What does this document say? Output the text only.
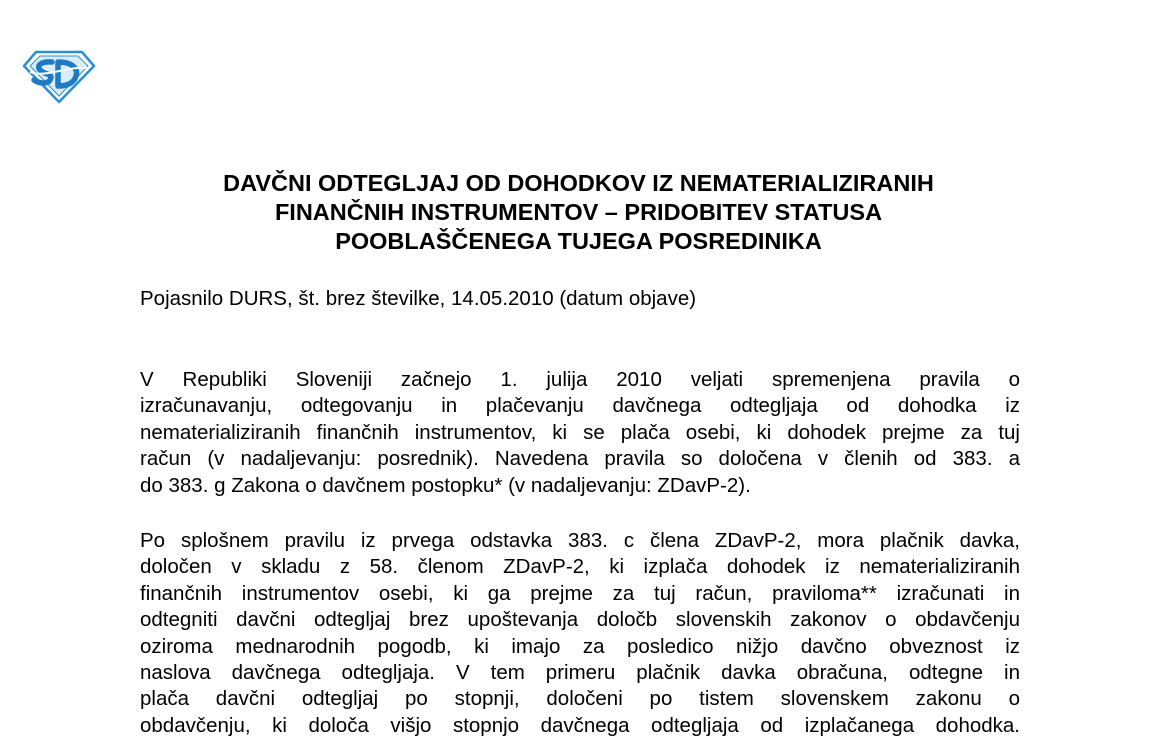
DAVČNI ODTEGLJAJ OD DOHODKOV IZ NEMATERIALIZIRANIH
FINANČNIH INSTRUMENTOV – PRIDOBITEV STATUSA
POOBLAŠČENEGA TUJEGA POSREDINIKA

Pojasnilo DURS, št. brez številke, 14.05.2010 (datum objave)

V Republiki Sloveniji začnejo 1. julija 2010 veljati spremenjena pravila o
izračunavanju, odtegovanju in plačevanju davčnega odtegljaja od dohodka iz
nematerializiranih finančnih instrumentov, ki se plača osebi, ki dohodek prejme za tuj
račun (v nadaljevanju: posrednik). Navedena pravila so določena v členih od 383. a
do 383. g Zakona o davčnem postopku* (v nadaljevanju: ZDavP-2).
Po splošnem pravilu iz prvega odstavka 383. c člena ZDavP-2, mora plačnik davka,
določen v skladu z 58. členom ZDavP-2, ki izplača dohodek iz nematerializiranih
finančnih instrumentov osebi, ki ga prejme za tuj račun, praviloma** izračunati in
odtegniti davčni odtegljaj brez upoštevanja določb slovenskih zakonov o obdavčenju
oziroma mednarodnih pogodb, ki imajo za posledico nižjo davčno obveznost iz
naslova davčnega odtegljaja. V tem primeru plačnik davka obračuna, odtegne in
plača davčni odtegljaj po stopnji, določeni po tistem slovenskem zakonu o
obdavčenju, ki določa višjo stopnjo davčnega odtegljaja od izplačanega dohodka.
